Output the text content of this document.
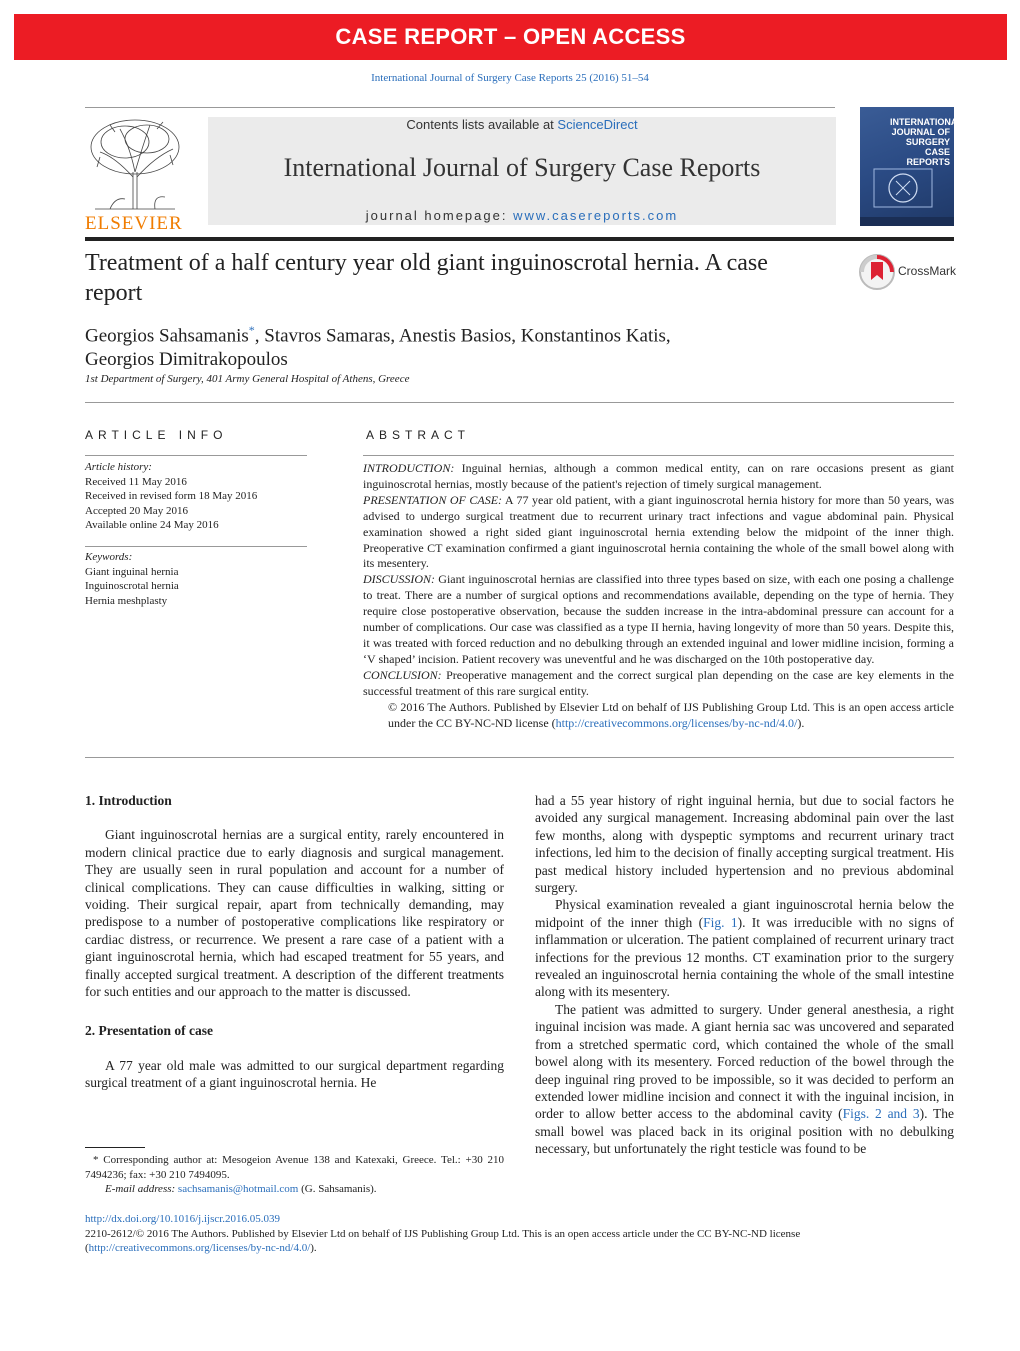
CASE REPORT – OPEN ACCESS
International Journal of Surgery Case Reports 25 (2016) 51–54
ELSEVIER
Contents lists available at ScienceDirect
International Journal of Surgery Case Reports
journal homepage: www.casereports.com
INTERNATIONAL JOURNAL OF SURGERY CASE REPORTS
Treatment of a half century year old giant inguinoscrotal hernia. A case report
CrossMark
Georgios Sahsamanis*, Stavros Samaras, Anestis Basios, Konstantinos Katis,
Georgios Dimitrakopoulos
1st Department of Surgery, 401 Army General Hospital of Athens, Greece
ARTICLE INFO
Article history:
Received 11 May 2016
Received in revised form 18 May 2016
Accepted 20 May 2016
Available online 24 May 2016
Keywords:
Giant inguinal hernia
Inguinoscrotal hernia
Hernia meshplasty
ABSTRACT

INTRODUCTION: Inguinal hernias, although a common medical entity, can on rare occasions present as giant inguinoscrotal hernias, mostly because of the patient's rejection of timely surgical management.

PRESENTATION OF CASE: A 77 year old patient, with a giant inguinoscrotal hernia history for more than 50 years, was advised to undergo surgical treatment due to recurrent urinary tract infections and vague abdominal pain. Physical examination showed a right sided giant inguinoscrotal hernia extending below the midpoint of the inner thigh. Preoperative CT examination confirmed a giant inguinoscrotal hernia containing the whole of the small bowel along with its mesentery.

DISCUSSION: Giant inguinoscrotal hernias are classified into three types based on size, with each one posing a challenge to treat. There are a number of surgical options and recommendations available, depending on the type of hernia. They require close postoperative observation, because the sudden increase in the intra-abdominal pressure can account for a number of complications. Our case was classified as a type II hernia, having longevity of more than 50 years. Despite this, it was treated with forced reduction and no debulking through an extended inguinal and lower midline incision, forming a ‘V shaped’ incision. Patient recovery was uneventful and he was discharged on the 10th postoperative day.

CONCLUSION: Preoperative management and the correct surgical plan depending on the case are key elements in the successful treatment of this rare surgical entity.

© 2016 The Authors. Published by Elsevier Ltd on behalf of IJS Publishing Group Ltd. This is an open access article under the CC BY-NC-ND license (http://creativecommons.org/licenses/by-nc-nd/4.0/).

1. Introduction

Giant inguinoscrotal hernias are a surgical entity, rarely encountered in modern clinical practice due to early diagnosis and surgical management. They are usually seen in rural population and account for a number of clinical complications. They can cause difficulties in walking, sitting or voiding. Their surgical repair, apart from technically demanding, may predispose to a number of postoperative complications like respiratory or cardiac distress, or recurrence. We present a rare case of a patient with a giant inguinoscrotal hernia, which had escaped treatment for 55 years, and finally accepted surgical treatment. A description of the different treatments for such entities and our approach to the matter is discussed.

2. Presentation of case

A 77 year old male was admitted to our surgical department regarding surgical treatment of a giant inguinoscrotal hernia. He

had a 55 year history of right inguinal hernia, but due to social factors he avoided any surgical management. Increasing abdominal pain over the last few months, along with dyspeptic symptoms and recurrent urinary tract infections, led him to the decision of finally accepting surgical treatment. His past medical history included hypertension and no previous abdominal surgery.

Physical examination revealed a giant inguinoscrotal hernia below the midpoint of the inner thigh (Fig. 1). It was irreducible with no signs of inflammation or ulceration. The patient complained of recurrent urinary tract infections for the previous 12 months. CT examination prior to the surgery revealed an inguinoscrotal hernia containing the whole of the small intestine along with its mesentery.

The patient was admitted to surgery. Under general anesthesia, a right inguinal incision was made. A giant hernia sac was uncovered and separated from a stretched spermatic cord, which contained the whole of the small bowel along with its mesentery. Forced reduction of the bowel through the deep inguinal ring proved to be impossible, so it was decided to perform an extended lower midline incision and connect it with the inguinal incision, in order to allow better access to the abdominal cavity (Figs. 2 and 3). The small bowel was placed back in its original position with no debulking necessary, but unfortunately the right testicle was found to be

* Corresponding author at: Mesogeion Avenue 138 and Katexaki, Greece. Tel.: +30 210 7494236; fax: +30 210 7494095.
E-mail address: sachsamanis@hotmail.com (G. Sahsamanis).
http://dx.doi.org/10.1016/j.ijscr.2016.05.039
2210-2612/© 2016 The Authors. Published by Elsevier Ltd on behalf of IJS Publishing Group Ltd. This is an open access article under the CC BY-NC-ND license (http://creativecommons.org/licenses/by-nc-nd/4.0/).
